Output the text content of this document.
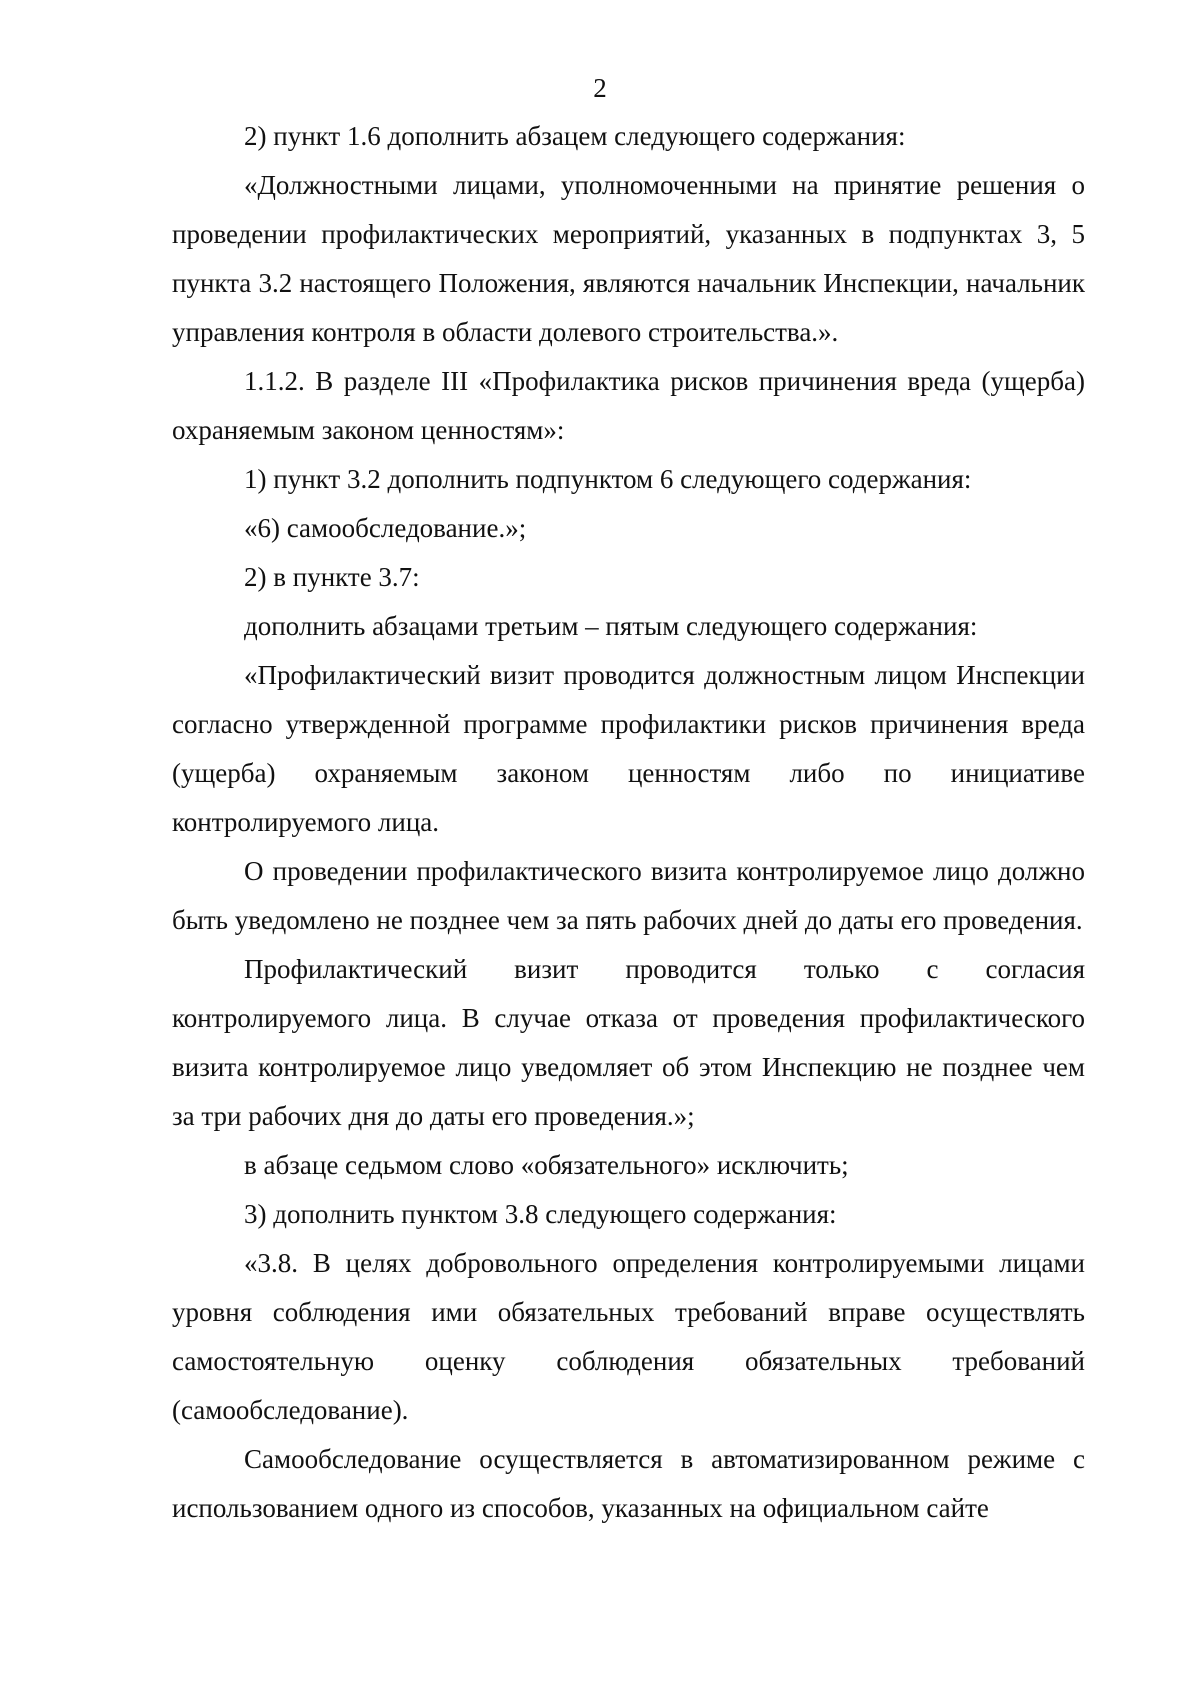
2

2) пункт 1.6 дополнить абзацем следующего содержания:

«Должностными лицами, уполномоченными на принятие решения о проведении профилактических мероприятий, указанных в подпунктах 3, 5 пункта 3.2 настоящего Положения, являются начальник Инспекции, начальник управления контроля в области долевого строительства.».

1.1.2. В разделе III «Профилактика рисков причинения вреда (ущерба) охраняемым законом ценностям»:

1) пункт 3.2 дополнить подпунктом 6 следующего содержания:

«6) самообследование.»;

2) в пункте 3.7:

дополнить абзацами третьим – пятым следующего содержания:

«Профилактический визит проводится должностным лицом Инспекции согласно утвержденной программе профилактики рисков причинения вреда (ущерба) охраняемым законом ценностям либо по инициативе контролируемого лица.

О проведении профилактического визита контролируемое лицо должно быть уведомлено не позднее чем за пять рабочих дней до даты его проведения.

Профилактический визит проводится только с согласия контролируемого лица. В случае отказа от проведения профилактического визита контролируемое лицо уведомляет об этом Инспекцию не позднее чем за три рабочих дня до даты его проведения.»;

в абзаце седьмом слово «обязательного» исключить;

3) дополнить пунктом 3.8 следующего содержания:

«3.8. В целях добровольного определения контролируемыми лицами уровня соблюдения ими обязательных требований вправе осуществлять самостоятельную оценку соблюдения обязательных требований (самообследование).

Самообследование осуществляется в автоматизированном режиме с использованием одного из способов, указанных на официальном сайте
